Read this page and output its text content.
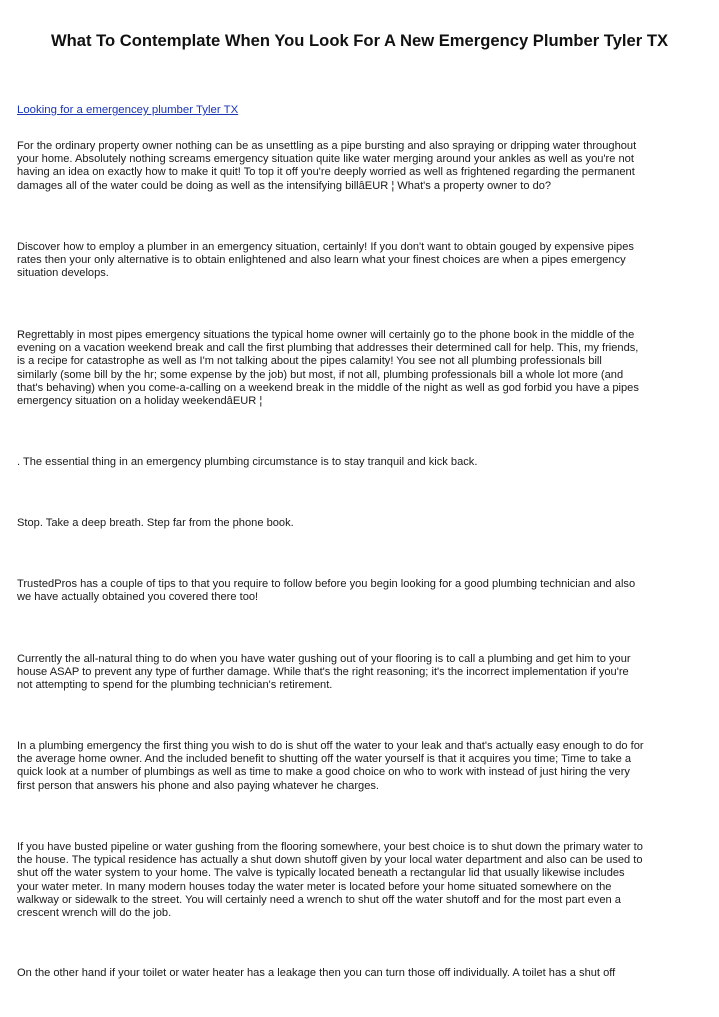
What To Contemplate When You Look For A New Emergency Plumber Tyler TX
Looking for a emergencey plumber Tyler TX

For the ordinary property owner nothing can be as unsettling as a pipe bursting and also spraying or dripping water throughout
your home. Absolutely nothing screams emergency situation quite like water merging around your ankles as well as you're not
having an idea on exactly how to make it quit! To top it off you're deeply worried as well as frightened regarding the permanent
damages all of the water could be doing as well as the intensifying billâEUR ¦ What's a property owner to do?

Discover how to employ a plumber in an emergency situation, certainly! If you don't want to obtain gouged by expensive pipes
rates then your only alternative is to obtain enlightened and also learn what your finest choices are when a pipes emergency
situation develops.

Regrettably in most pipes emergency situations the typical home owner will certainly go to the phone book in the middle of the
evening on a vacation weekend break and call the first plumbing that addresses their determined call for help. This, my friends,
is a recipe for catastrophe as well as I'm not talking about the pipes calamity! You see not all plumbing professionals bill
similarly (some bill by the hr; some expense by the job) but most, if not all, plumbing professionals bill a whole lot more (and
that's behaving) when you come-a-calling on a weekend break in the middle of the night as well as god forbid you have a pipes
emergency situation on a holiday weekendâEUR ¦

. The essential thing in an emergency plumbing circumstance is to stay tranquil and kick back.

Stop. Take a deep breath. Step far from the phone book.

TrustedPros has a couple of tips to that you require to follow before you begin looking for a good plumbing technician and also
we have actually obtained you covered there too!

Currently the all-natural thing to do when you have water gushing out of your flooring is to call a plumbing and get him to your
house ASAP to prevent any type of further damage. While that's the right reasoning; it's the incorrect implementation if you're
not attempting to spend for the plumbing technician's retirement.

In a plumbing emergency the first thing you wish to do is shut off the water to your leak and that's actually easy enough to do for
the average home owner. And the included benefit to shutting off the water yourself is that it acquires you time; Time to take a
quick look at a number of plumbings as well as time to make a good choice on who to work with instead of just hiring the very
first person that answers his phone and also paying whatever he charges.

If you have busted pipeline or water gushing from the flooring somewhere, your best choice is to shut down the primary water to
the house. The typical residence has actually a shut down shutoff given by your local water department and also can be used to
shut off the water system to your home. The valve is typically located beneath a rectangular lid that usually likewise includes
your water meter. In many modern houses today the water meter is located before your home situated somewhere on the
walkway or sidewalk to the street. You will certainly need a wrench to shut off the water shutoff and for the most part even a
crescent wrench will do the job.

On the other hand if your toilet or water heater has a leakage then you can turn those off individually. A toilet has a shut off
